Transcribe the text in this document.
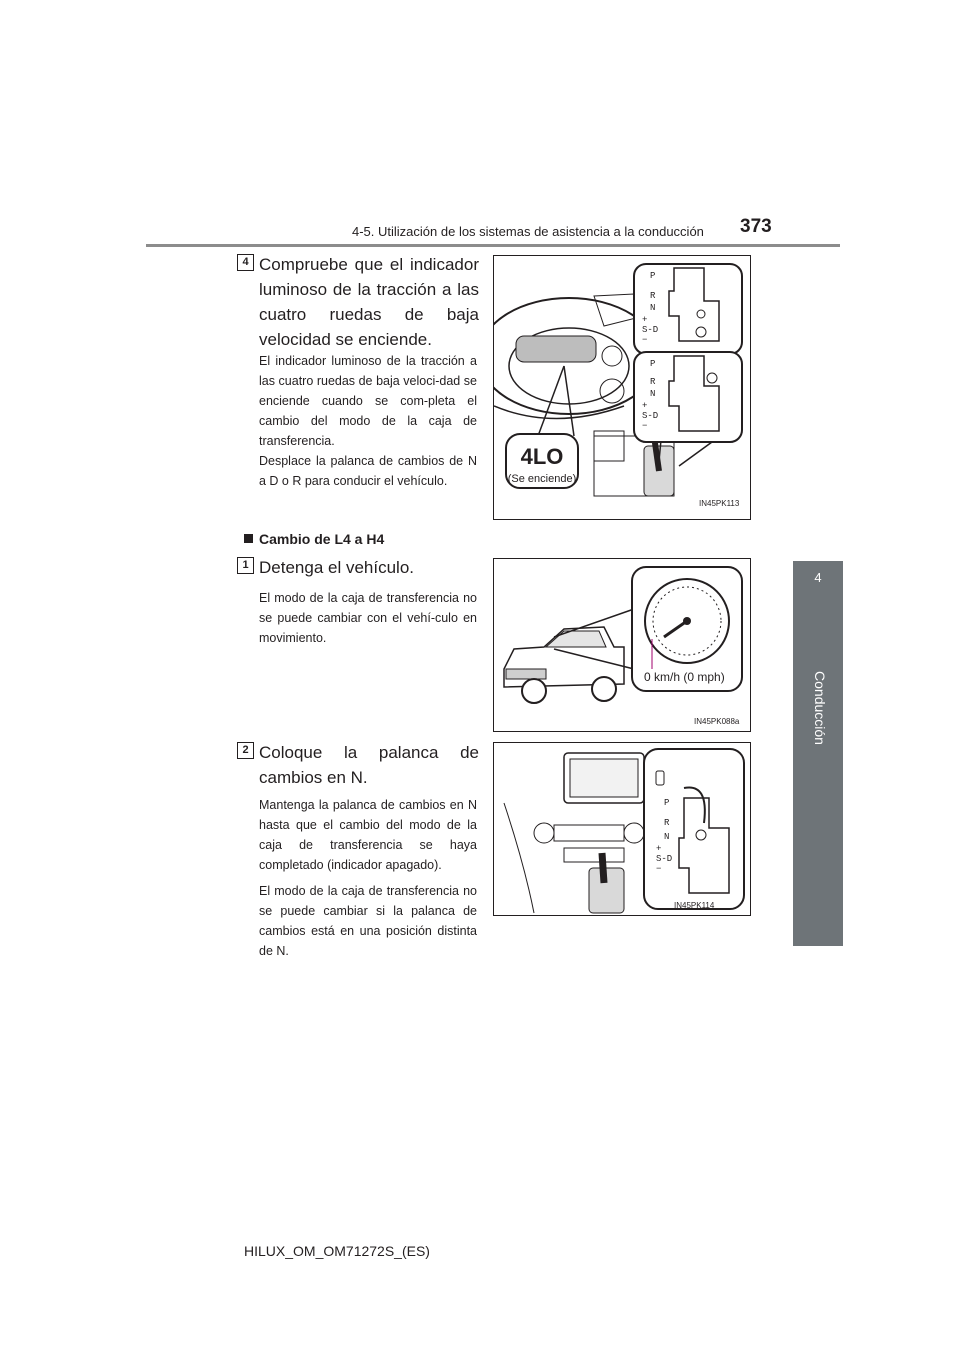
4-5. Utilización de los sistemas de asistencia a la conducción 373
4
Conducción
4 Compruebe que el indicador luminoso de la tracción a las cuatro ruedas de baja velocidad se enciende.
El indicador luminoso de la tracción a las cuatro ruedas de baja veloci-dad se enciende cuando se com-pleta el cambio del modo de la caja de transferencia.
Desplace la palanca de cambios de N a D o R para conducir el vehículo.
4LO
(Se enciende)
P
R
N
+
S-D
−
P
R
N
+
S-D
−
IN45PK113
Cambio de L4 a H4
1 Detenga el vehículo.
El modo de la caja de transferencia no se puede cambiar con el vehí-culo en movimiento.
0 km/h (0 mph)
IN45PK088a
2 Coloque la palanca de cambios en N.
Mantenga la palanca de cambios en N hasta que el cambio del modo de la caja de transferencia se haya completado (indicador apagado).
El modo de la caja de transferencia no se puede cambiar si la palanca de cambios está en una posición distinta de N.
P
R
N
+
S-D
−
IN45PK114
HILUX_OM_OM71272S_(ES)
